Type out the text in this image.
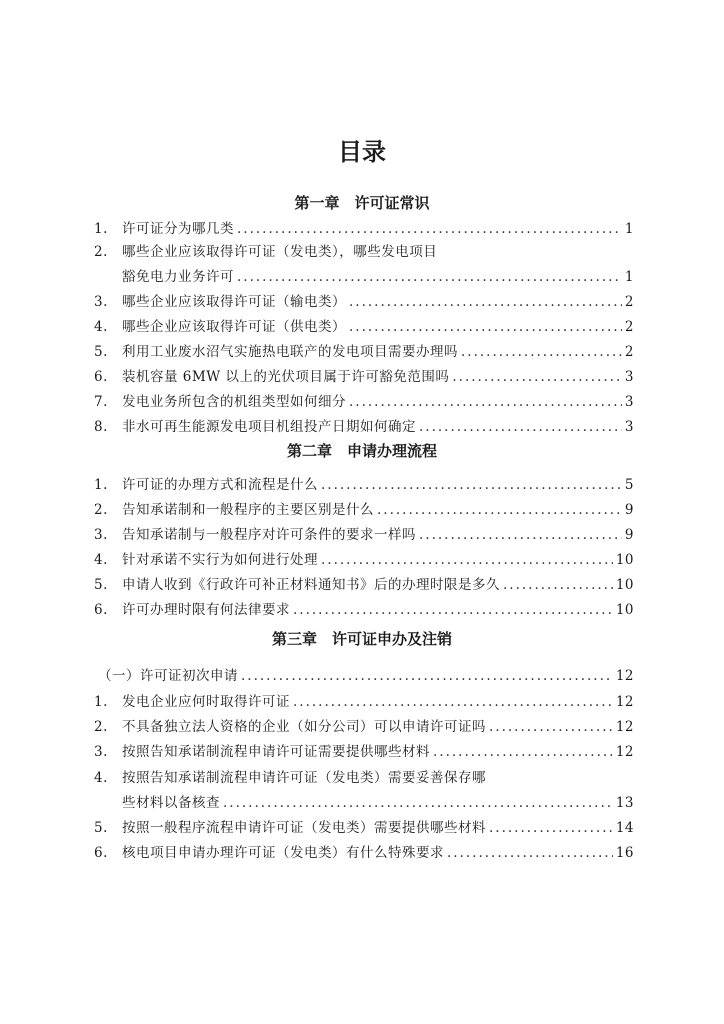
目录
第一章　许可证常识
1.	许可证分为哪几类 .....	1
2. 哪些企业应该取得许可证（发电类），哪些发电项目
豁免电力业务许可 .....	1
3.	哪些企业应该取得许可证（输电类） .....	2
4.	哪些企业应该取得许可证（供电类） .....	2
5.	利用工业废水沼气实施热电联产的发电项目需要办理吗 .....	2
6.	装机容量 6MW 以上的光伏项目属于许可豁免范围吗 .....	3
7.	发电业务所包含的机组类型如何细分 .....	3
8.	非水可再生能源发电项目机组投产日期如何确定 .....	3
第二章　申请办理流程
1.	许可证的办理方式和流程是什么 .....	5
2.	告知承诺制和一般程序的主要区别是什么 .....	9
3.	告知承诺制与一般程序对许可条件的要求一样吗 .....	9
4.	针对承诺不实行为如何进行处理 .....	10
5.	申请人收到《行政许可补正材料通知书》后的办理时限是多久 .....	10
6.	许可办理时限有何法律要求 .....	10
第三章　许可证申办及注销
（一）许可证初次申请 .....	12
1.	发电企业应何时取得许可证 .....	12
2.	不具备独立法人资格的企业（如分公司）可以申请许可证吗 .....	12
3.	按照告知承诺制流程申请许可证需要提供哪些材料 .....	12
4. 按照告知承诺制流程申请许可证（发电类）需要妥善保存哪
些材料以备核查 .....	13
5.	按照一般程序流程申请许可证（发电类）需要提供哪些材料 .....	14
6.	核电项目申请办理许可证（发电类）有什么特殊要求 .....	16
